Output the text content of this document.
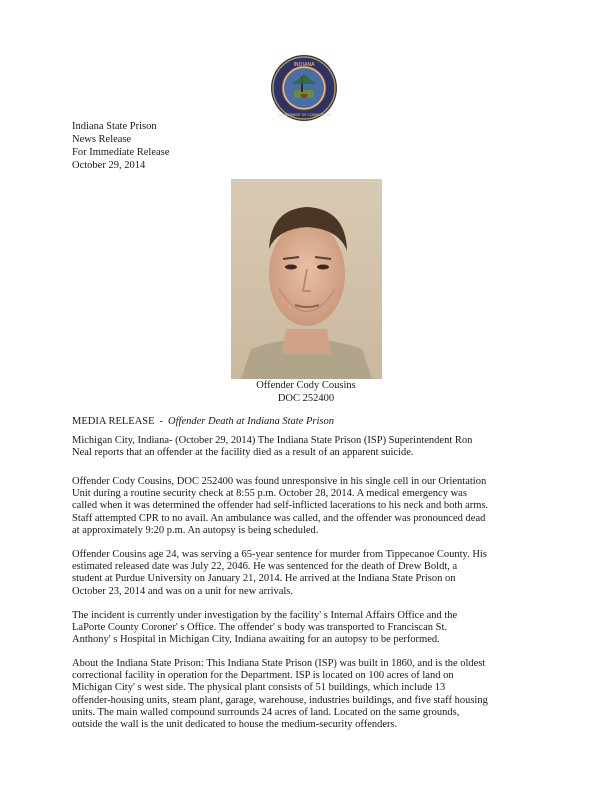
INDIANA
DEPARTMENT OF CORRECTION
Indiana State Prison
News Release
For Immediate Release
October 29, 2014
Offender Cody Cousins
DOC 252400
MEDIA RELEASE - Offender Death at Indiana State Prison
Michigan City, Indiana- (October 29, 2014) The Indiana State Prison (ISP) Superintendent Ron
Neal reports that an offender at the facility died as a result of an apparent suicide.
Offender Cody Cousins, DOC 252400 was found unresponsive in his single cell in our Orientation
Unit during a routine security check at 8:55 p.m. October 28, 2014. A medical emergency was
called when it was determined the offender had self-inflicted lacerations to his neck and both arms.
Staff attempted CPR to no avail. An ambulance was called, and the offender was pronounced dead
at approximately 9:20 p.m. An autopsy is being scheduled.
Offender Cousins age 24, was serving a 65-year sentence for murder from Tippecanoe County. His
estimated released date was July 22, 2046. He was sentenced for the death of Drew Boldt, a
student at Purdue University on January 21, 2014. He arrived at the Indiana State Prison on
October 23, 2014 and was on a unit for new arrivals.
The incident is currently under investigation by the facility' s Internal Affairs Office and the
LaPorte County Coroner' s Office. The offender' s body was transported to Franciscan St.
Anthony' s Hospital in Michigan City, Indiana awaiting for an autopsy to be performed.
About the Indiana State Prison: This Indiana State Prison (ISP) was built in 1860, and is the oldest
correctional facility in operation for the Department. ISP is located on 100 acres of land on
Michigan City' s west side. The physical plant consists of 51 buildings, which include 13
offender-housing units, steam plant, garage, warehouse, industries buildings, and five staff housing
units. The main walled compound surrounds 24 acres of land. Located on the same grounds,
outside the wall is the unit dedicated to house the medium-security offenders.
